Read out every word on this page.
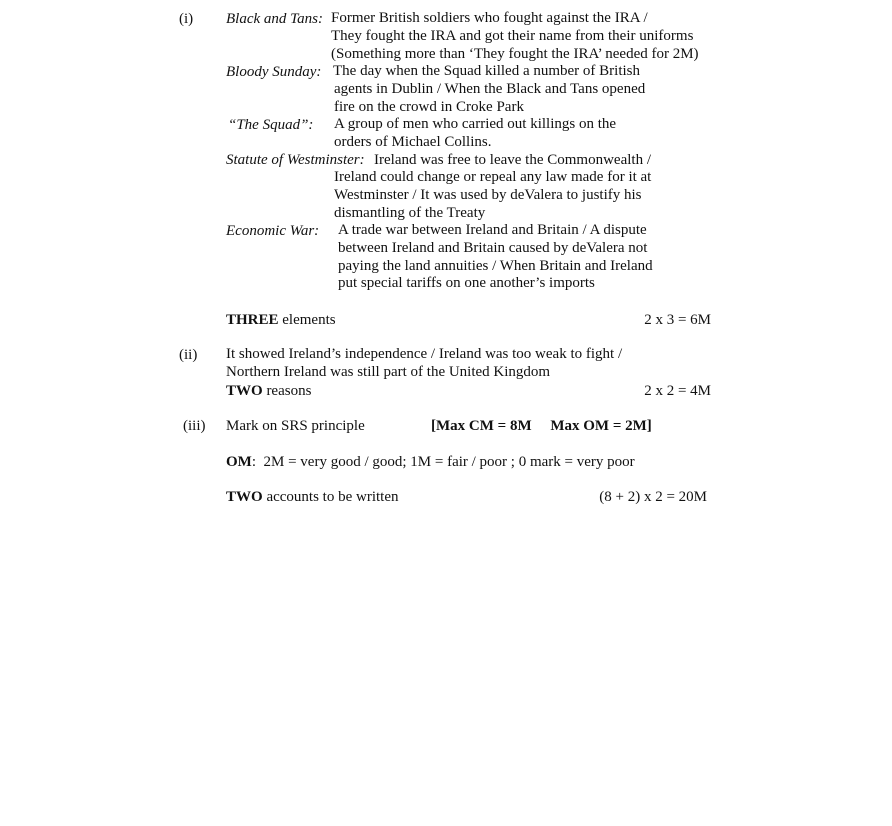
(i) Black and Tans: Former British soldiers who fought against the IRA /
They fought the IRA and got their name from their uniforms
(Something more than ‘They fought the IRA’ needed for 2M)
Bloody Sunday: The day when the Squad killed a number of British
agents in Dublin / When the Black and Tans opened
fire on the crowd in Croke Park
“The Squad”: A group of men who carried out killings on the
orders of Michael Collins.
Statute of Westminster: Ireland was free to leave the Commonwealth /
Ireland could change or repeal any law made for it at
Westminster / It was used by deValera to justify his
dismantling of the Treaty
Economic War: A trade war between Ireland and Britain / A dispute
between Ireland and Britain caused by deValera not
paying the land annuities / When Britain and Ireland
put special tariffs on one another’s imports
THREE elements	2 x 3 = 6M
(ii) It showed Ireland’s independence / Ireland was too weak to fight /
Northern Ireland was still part of the United Kingdom
TWO reasons	2 x 2 = 4M
(iii) Mark on SRS principle	[Max CM = 8M     Max OM = 2M]
OM:  2M = very good / good; 1M = fair / poor ; 0 mark = very poor
TWO accounts to be written	(8 + 2) x 2 = 20M
